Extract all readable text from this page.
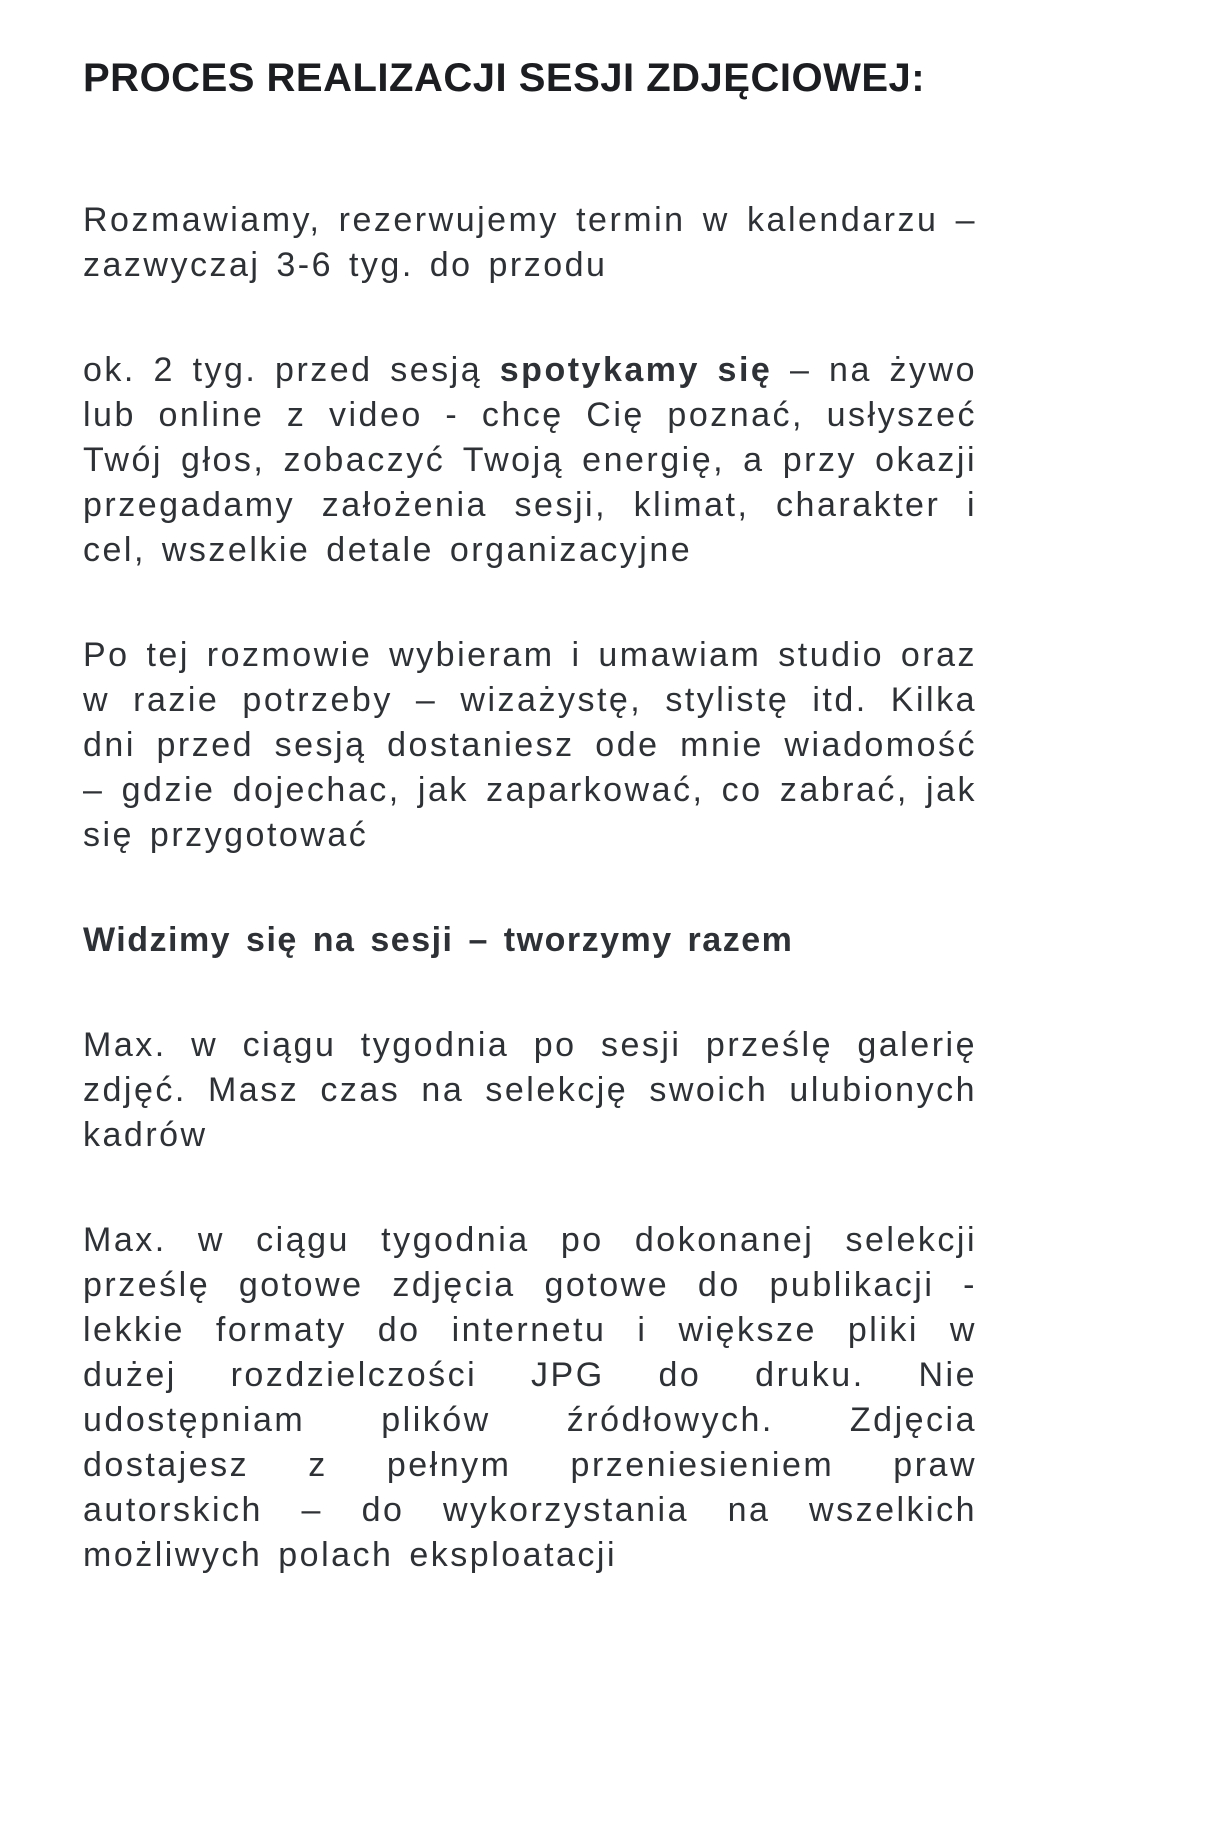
PROCES REALIZACJI SESJI ZDJĘCIOWEJ:

Rozmawiamy, rezerwujemy termin w kalendarzu – zazwyczaj 3-6 tyg. do przodu

ok. 2 tyg. przed sesją spotykamy się – na żywo lub online z video - chcę Cię poznać, usłyszeć Twój głos, zobaczyć Twoją energię, a przy okazji przegadamy założenia sesji, klimat, charakter i cel, wszelkie detale organizacyjne

Po tej rozmowie wybieram i umawiam studio oraz w razie potrzeby – wizażystę, stylistę itd. Kilka dni przed sesją dostaniesz ode mnie wiadomość – gdzie dojechac, jak zaparkować, co zabrać, jak się przygotować

Widzimy się na sesji – tworzymy razem

Max. w ciągu tygodnia po sesji prześlę galerię zdjęć. Masz czas na selekcję swoich ulubionych kadrów

Max. w ciągu tygodnia po dokonanej selekcji prześlę gotowe zdjęcia gotowe do publikacji - lekkie formaty do internetu i większe pliki w dużej rozdzielczości JPG do druku. Nie udostępniam plików źródłowych. Zdjęcia dostajesz z pełnym przeniesieniem praw autorskich – do wykorzystania na wszelkich możliwych polach eksploatacji
